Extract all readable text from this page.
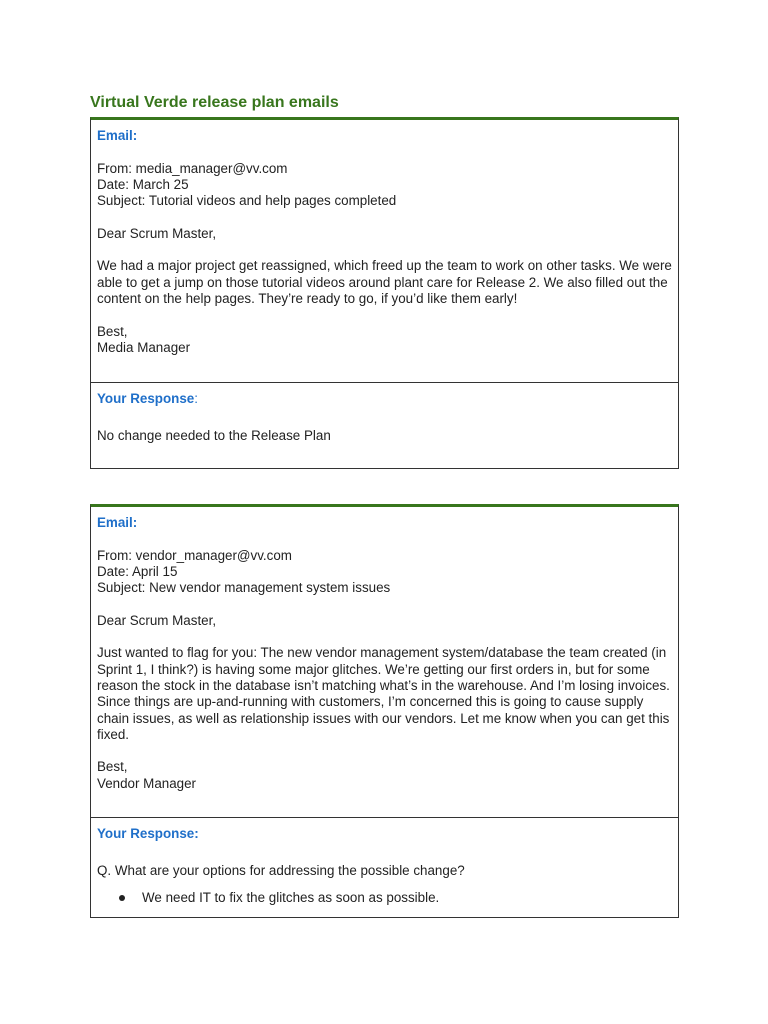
Virtual Verde release plan emails
Email:
From: media_manager@vv.com
Date: March 25
Subject: Tutorial videos and help pages completed
Dear Scrum Master,
We had a major project get reassigned, which freed up the team to work on other tasks. We were able to get a jump on those tutorial videos around plant care for Release 2. We also filled out the content on the help pages. They’re ready to go, if you’d like them early!
Best,
Media Manager
Your Response:
No change needed to the Release Plan
Email:
From: vendor_manager@vv.com
Date: April 15
Subject: New vendor management system issues
Dear Scrum Master,
Just wanted to flag for you: The new vendor management system/database the team created (in Sprint 1, I think?) is having some major glitches. We’re getting our first orders in, but for some reason the stock in the database isn’t matching what’s in the warehouse. And I’m losing invoices. Since things are up-and-running with customers, I’m concerned this is going to cause supply chain issues, as well as relationship issues with our vendors. Let me know when you can get this fixed.
Best,
Vendor Manager
Your Response:
Q. What are your options for addressing the possible change?
We need IT to fix the glitches as soon as possible.
